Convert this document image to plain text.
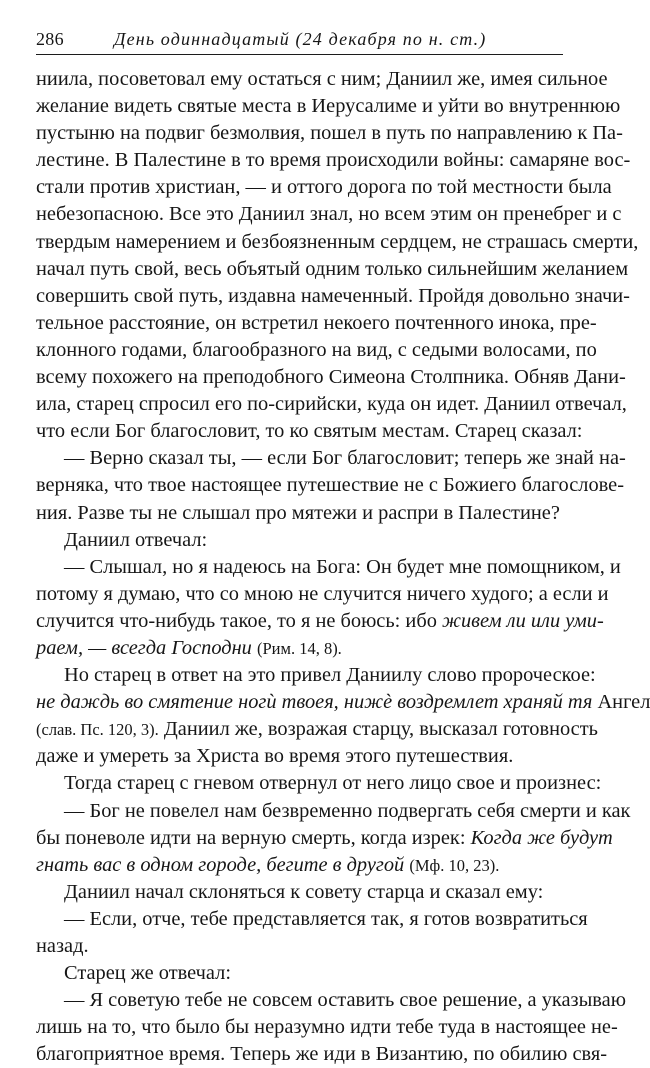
286	День одиннадцатый (24 декабря по н. ст.)

ниила, посоветовал ему остаться с ним; Даниил же, имея сильное
желание видеть святые места в Иерусалиме и уйти во внутреннюю
пустыню на подвиг безмолвия, пошел в путь по направлению к Па-
лестине. В Палестине в то время происходили войны: самаряне вос-
стали против христиан, — и оттого дорога по той местности была
небезопасною. Все это Даниил знал, но всем этим он пренебрег и с
твердым намерением и безбоязненным сердцем, не страшась смерти,
начал путь свой, весь объятый одним только сильнейшим желанием
совершить свой путь, издавна намеченный. Пройдя довольно значи-
тельное расстояние, он встретил некоего почтенного инока, пре-
клонного годами, благообразного на вид, с седыми волосами, по
всему похожего на преподобного Симеона Столпника. Обняв Дани-
ила, старец спросил его по-сирийски, куда он идет. Даниил отвечал,
что если Бог благословит, то ко святым местам. Старец сказал:

— Верно сказал ты, — если Бог благословит; теперь же знай на-
верняка, что твое настоящее путешествие не с Божиего благослове-
ния. Разве ты не слышал про мятежи и распри в Палестине?

Даниил отвечал:

— Слышал, но я надеюсь на Бога: Он будет мне помощником, и
потому я думаю, что со мною не случится ничего худого; а если и
случится что-нибудь такое, то я не боюсь: ибо живем ли или уми-
раем, — всегда Господни (Рим. 14, 8).

Но старец в ответ на это привел Даниилу слово пророческое:
не даждь во смятение ногѝ твоея, нижѐ воздремлет храняй тя Ангел
(слав. Пс. 120, 3). Даниил же, возражая старцу, высказал готовность
даже и умереть за Христа во время этого путешествия.

Тогда старец с гневом отвернул от него лицо свое и произнес:

— Бог не повелел нам безвременно подвергать себя смерти и как
бы поневоле идти на верную смерть, когда изрек: Когда же будут
гнать вас в одном городе, бегите в другой (Мф. 10, 23).

Даниил начал склоняться к совету старца и сказал ему:

— Если, отче, тебе представляется так, я готов возвратиться
назад.

Старец же отвечал:

— Я советую тебе не совсем оставить свое решение, а указываю
лишь на то, что было бы неразумно идти тебе туда в настоящее не-
благоприятное время. Теперь же иди в Византию, по обилию свя-
